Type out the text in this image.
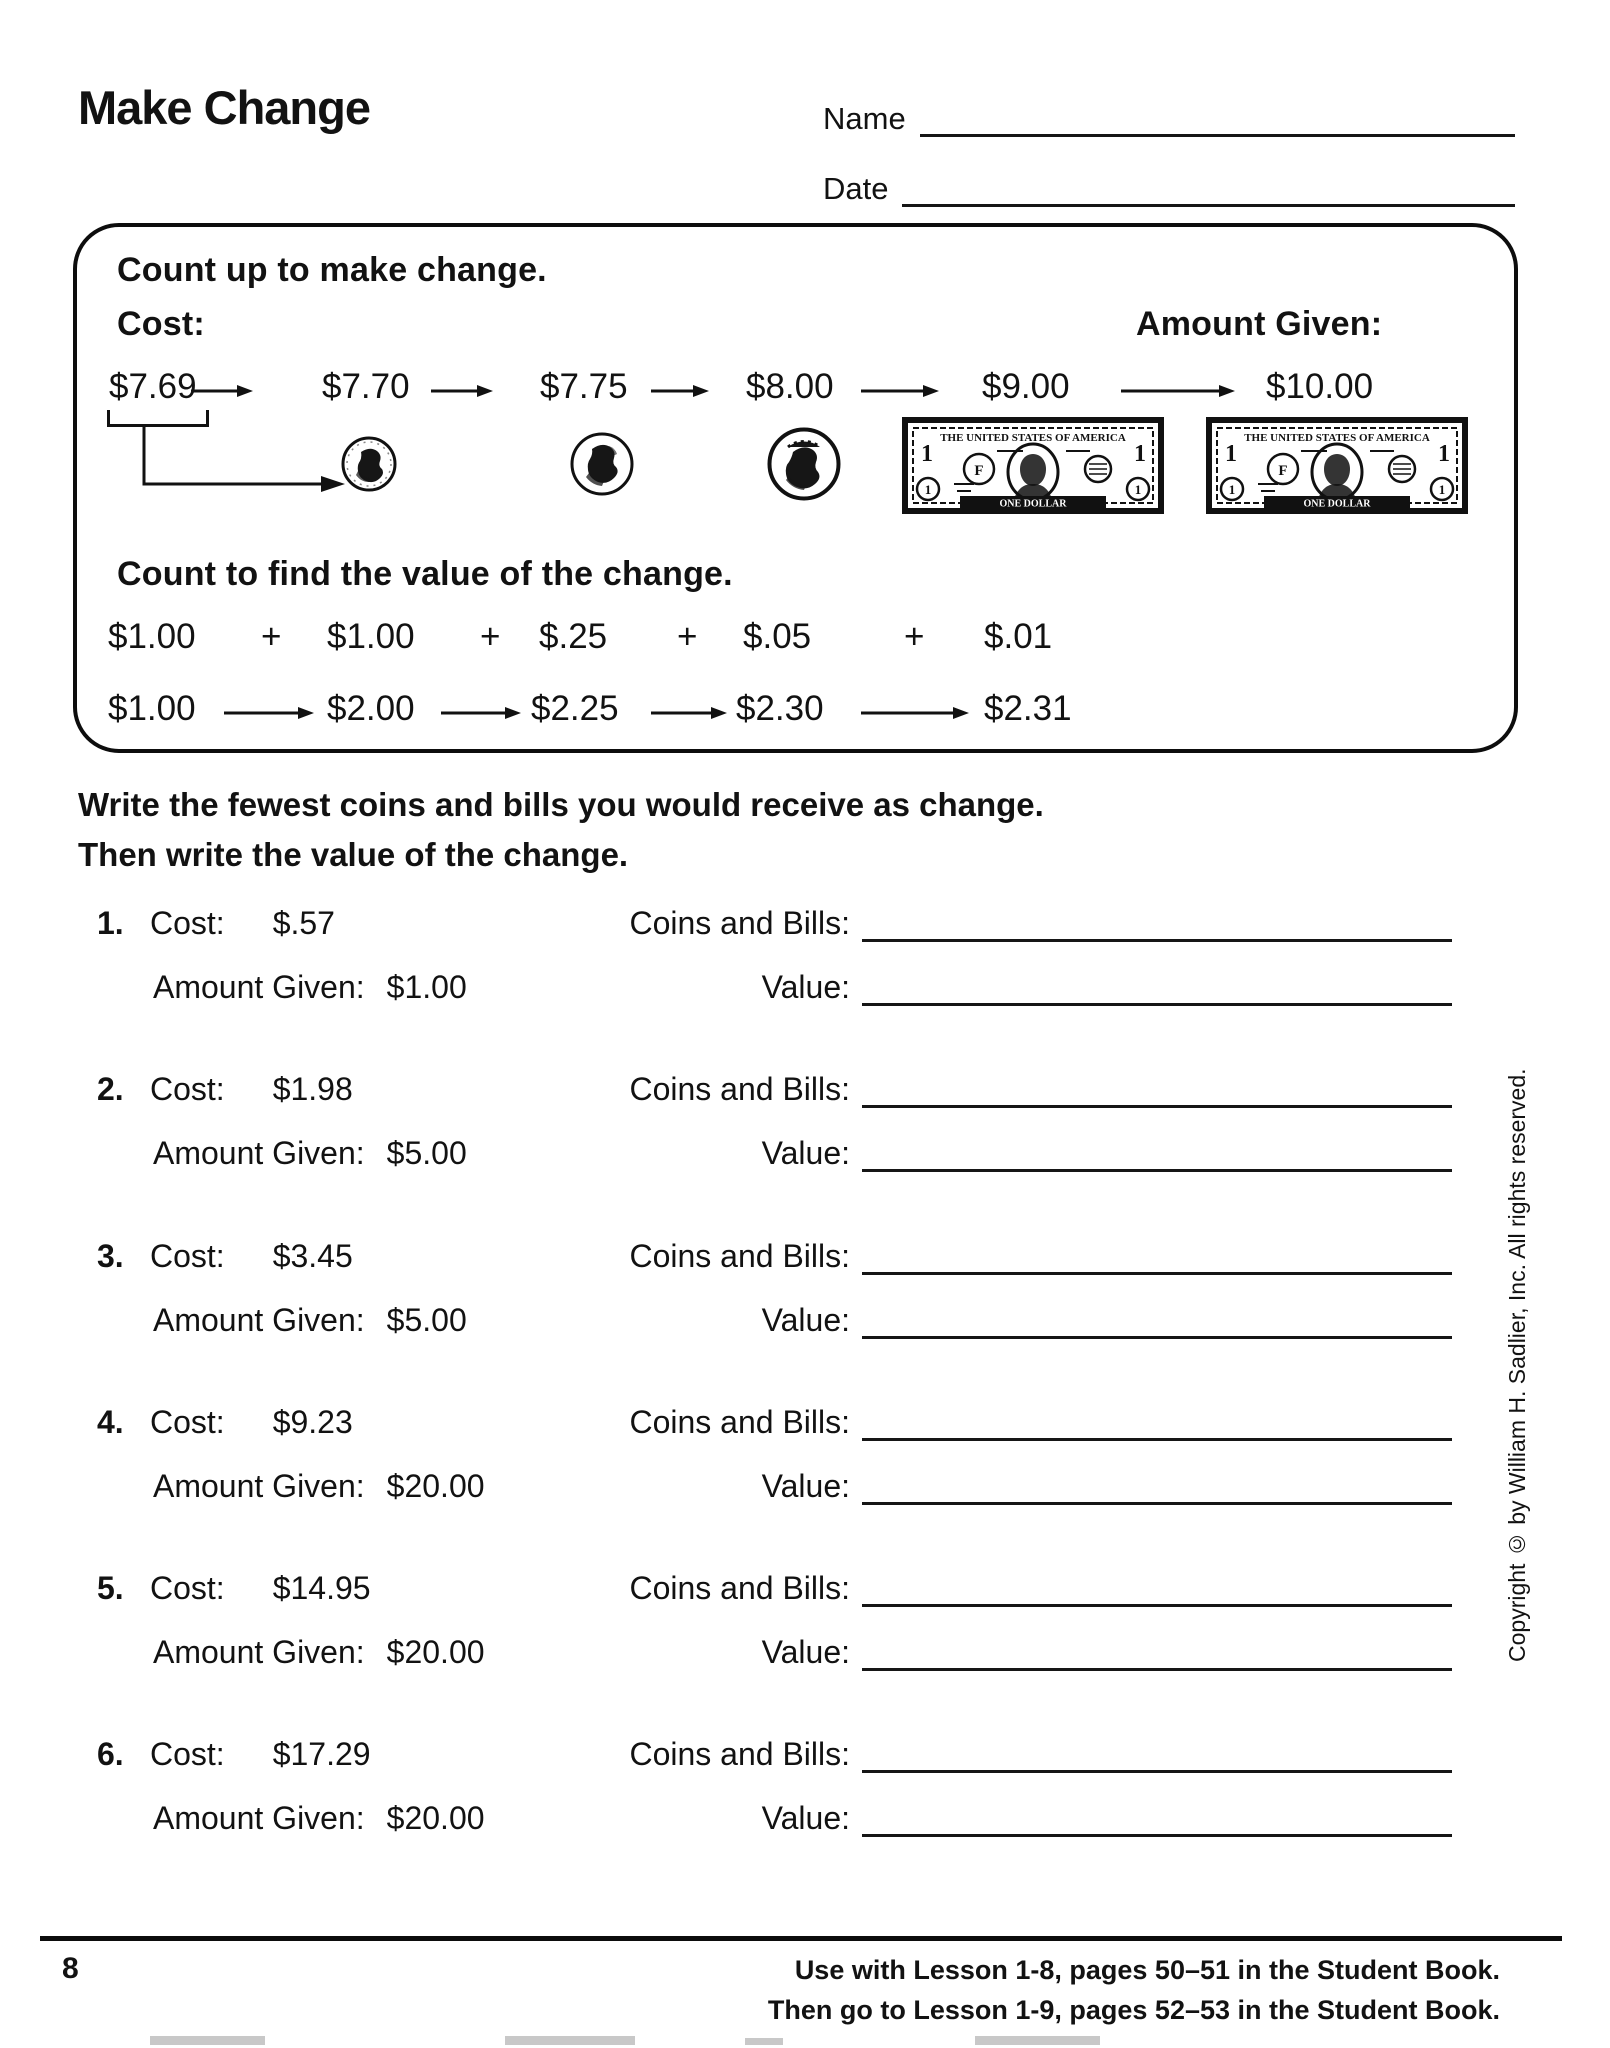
Make Change	Name
Date
Count up to make change.
Cost:	Amount Given:
$7.69	$7.70	$7.75	$8.00	$9.00	$10.00
THE UNITED STATES OF AMERICA
1	1
1	1
F
ONE DOLLAR
THE UNITED STATES OF AMERICA
1	1
1	1
F
ONE DOLLAR
Count to find the value of the change.
$1.00 + $1.00 + $.25 + $.05	+ $.01
$1.00	$2.00	$2.25	$2.30	$2.31
Write the fewest coins and bills you would receive as change.
Then write the value of the change.
1. Cost: $.57
Amount Given: $1.00
Coins and Bills:
Value:
2. Cost: $1.98
Amount Given: $5.00
Coins and Bills:
Value:
3. Cost: $3.45
Amount Given: $5.00
Coins and Bills:
Value:
4. Cost: $9.23
Amount Given: $20.00
Coins and Bills:
Value:
5. Cost: $14.95
Amount Given: $20.00
Coins and Bills:
Value:
6. Cost: $17.29
Amount Given: $20.00
Coins and Bills:
Value:
8	Use with Lesson 1-8, pages 50–51 in the Student Book.
Then go to Lesson 1-9, pages 52–53 in the Student Book.
Copyright © by William H. Sadlier, Inc. All rights reserved.
